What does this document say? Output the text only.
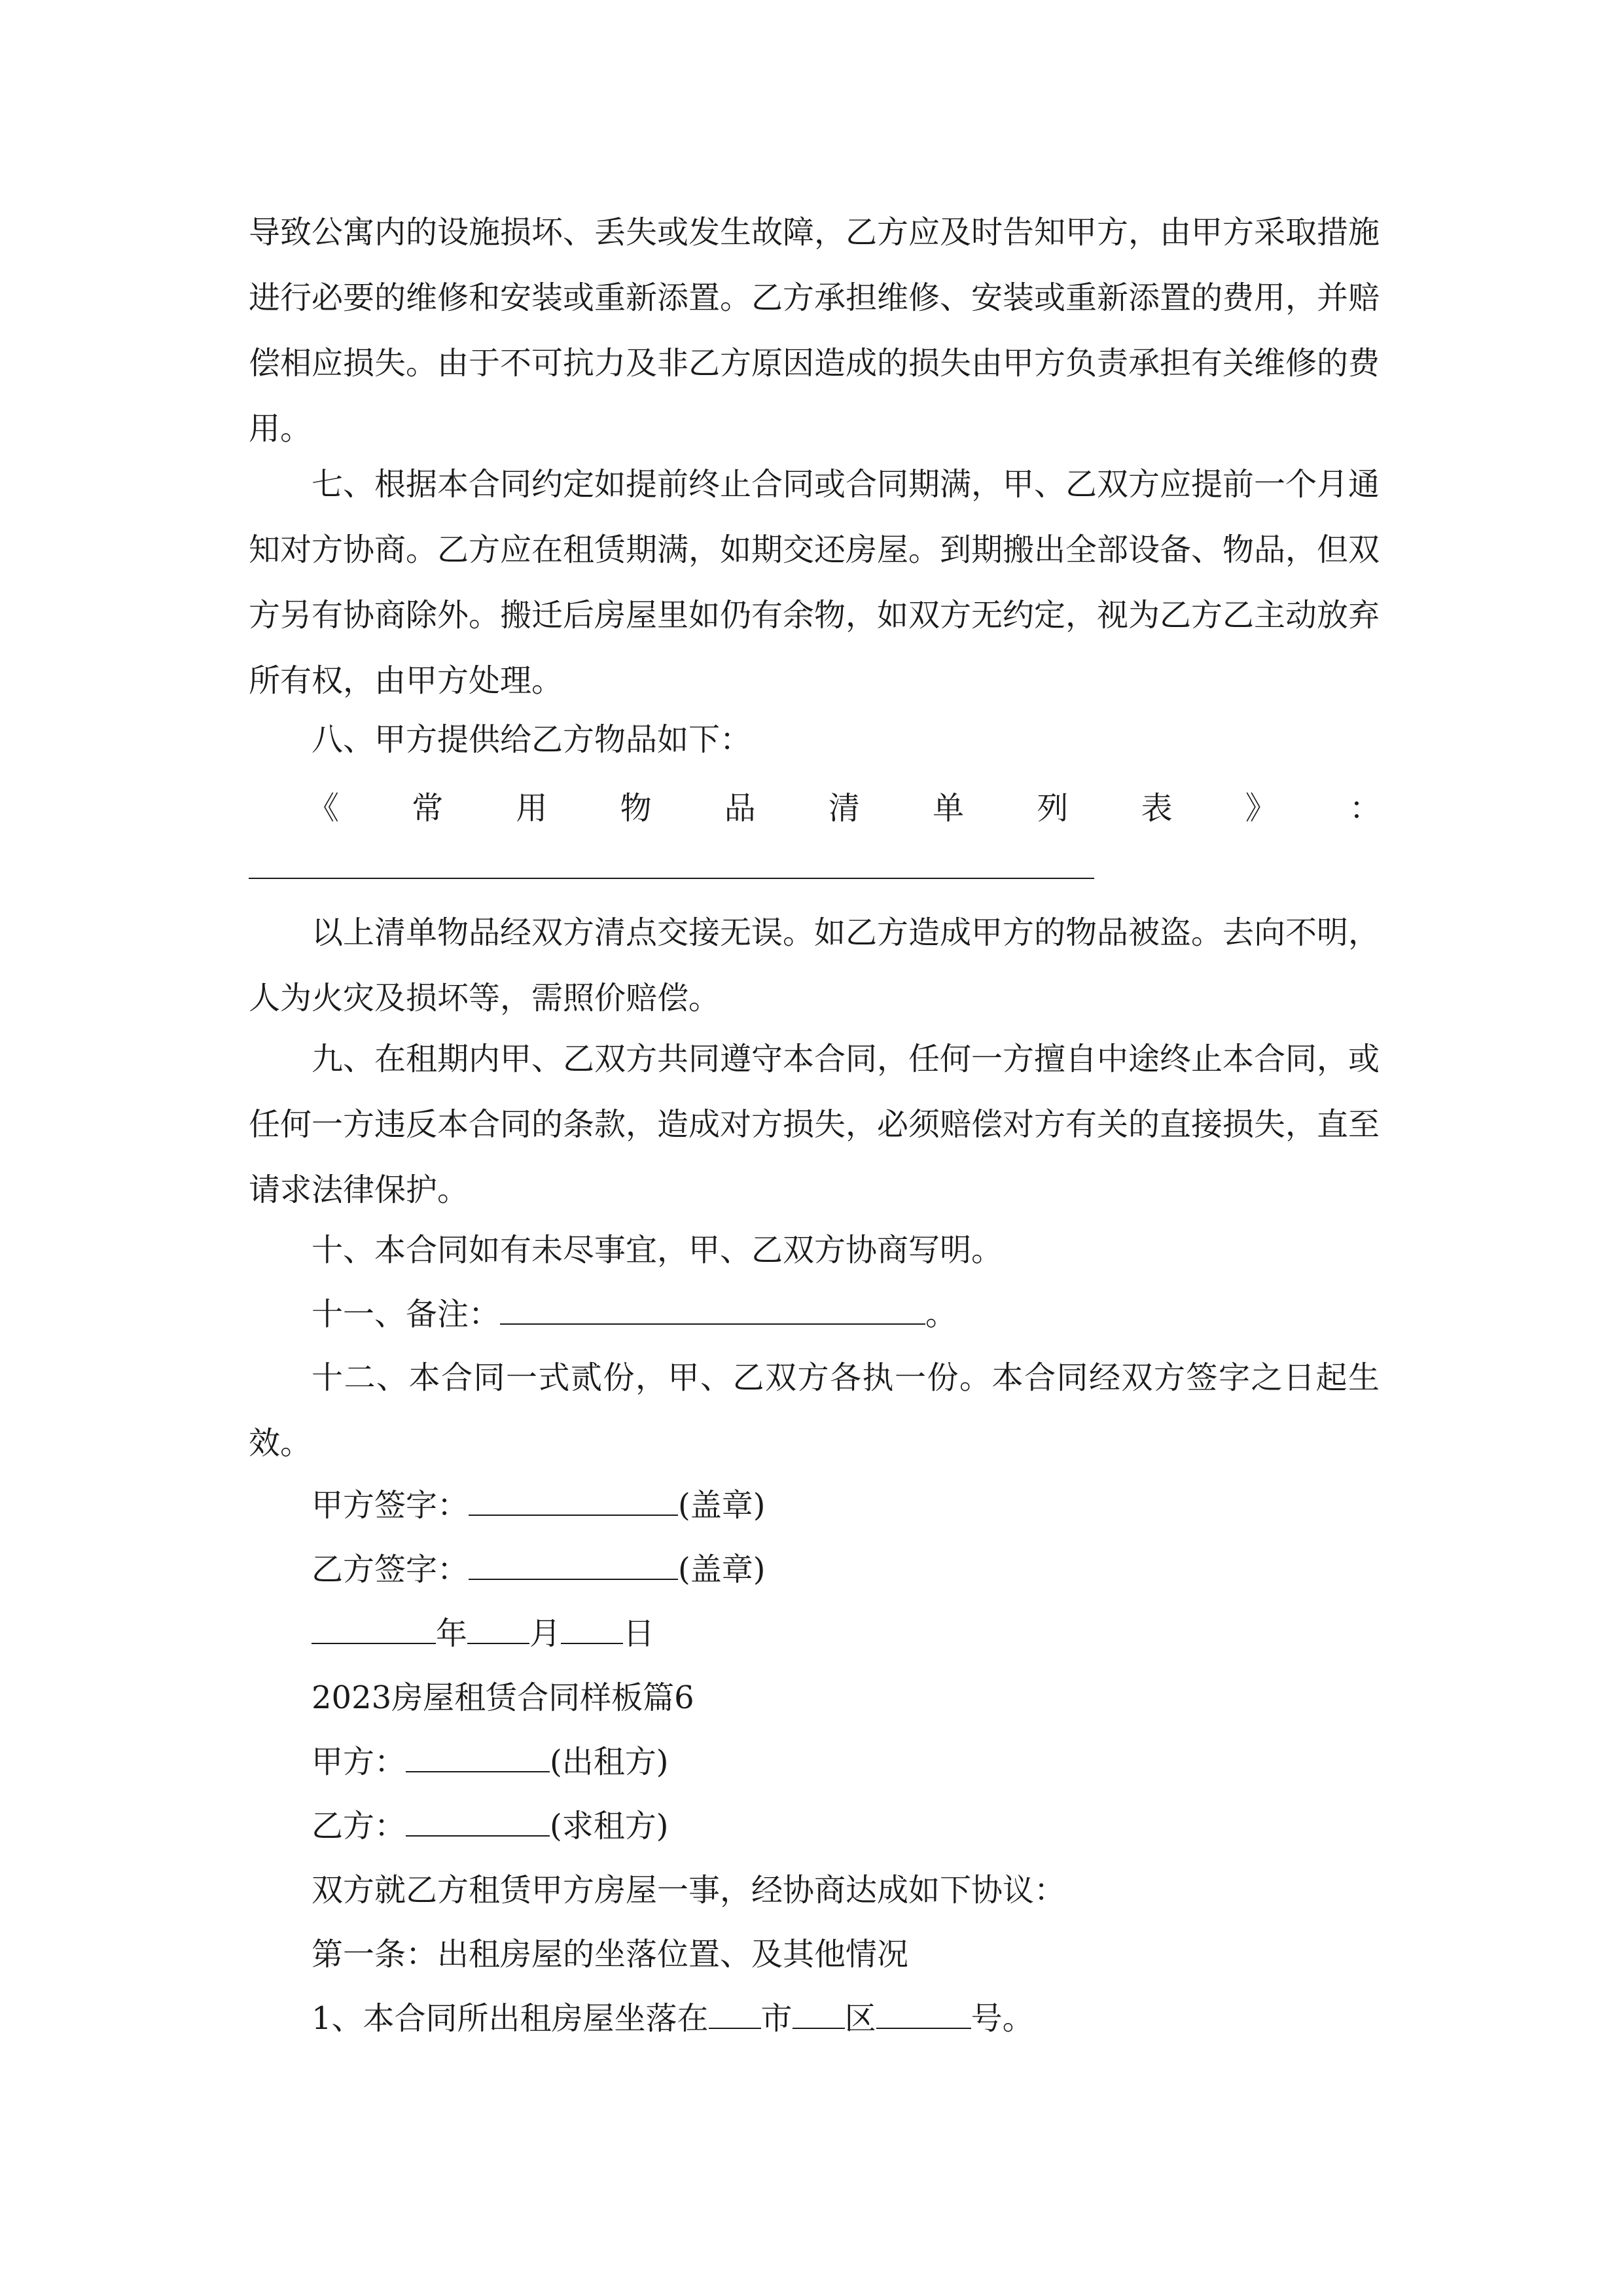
导致公寓内的设施损坏、丢失或发生故障，乙方应及时告知甲方，由甲方采取措施进行必要的维修和安装或重新添置。乙方承担维修、安装或重新添置的费用，并赔偿相应损失。由于不可抗力及非乙方原因造成的损失由甲方负责承担有关维修的费用。

七、根据本合同约定如提前终止合同或合同期满，甲、乙双方应提前一个月通知对方协商。乙方应在租赁期满，如期交还房屋。到期搬出全部设备、物品，但双方另有协商除外。搬迁后房屋里如仍有余物，如双方无约定，视为乙方乙主动放弃所有权，由甲方处理。

八、甲方提供给乙方物品如下：
《 常 用 物 品 清 单 列 表 》 ：

以上清单物品经双方清点交接无误。如乙方造成甲方的物品被盗。去向不明，人为火灾及损坏等，需照价赔偿。

九、在租期内甲、乙双方共同遵守本合同，任何一方擅自中途终止本合同，或任何一方违反本合同的条款，造成对方损失，必须赔偿对方有关的直接损失，直至请求法律保护。

十、本合同如有未尽事宜，甲、乙双方协商写明。
十一、备注：	。

十二、本合同一式贰份，甲、乙双方各执一份。本合同经双方签字之日起生效。

甲方签字：	(盖章)
乙方签字：	(盖章)
年 月 日
2023房屋租赁合同样板篇6
甲方：	(出租方)
乙方：	(求租方)
双方就乙方租赁甲方房屋一事，经协商达成如下协议：
第一条：出租房屋的坐落位置、及其他情况
1、本合同所出租房屋坐落在 市 区	号。
